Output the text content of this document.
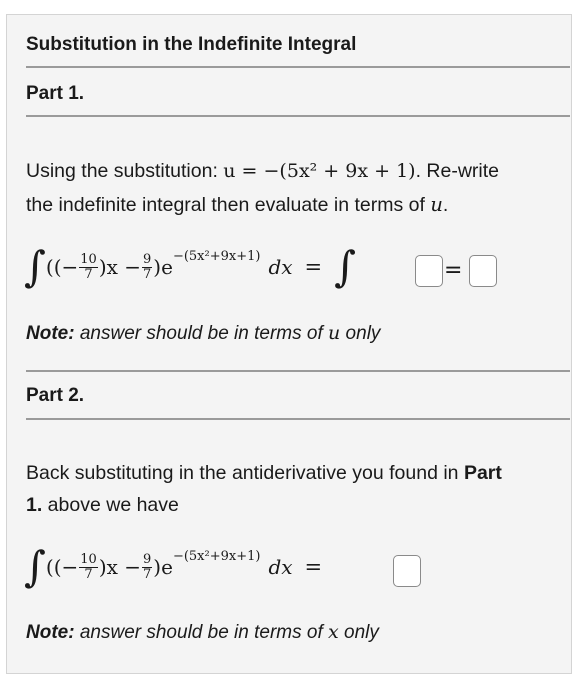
Substitution in the Indefinite Integral
Part 1.
Using the substitution: u = −(5x² + 9x + 1). Re-write
the indefinite integral then evaluate in terms of u.
∫ ((− $\frac{10}{7} )x - \frac{9}{7} )e$ $^{-(5x^2+9x+1)}$ dx = ∫	=
Note: answer should be in terms of u only
Part 2.
Back substituting in the antiderivative you found in Part
1. above we have
∫ ((− $\frac{10}{7} )x - \frac{9}{7} )e$ $^{-(5x^2+9x+1)}$ dx =
Note: answer should be in terms of x only
